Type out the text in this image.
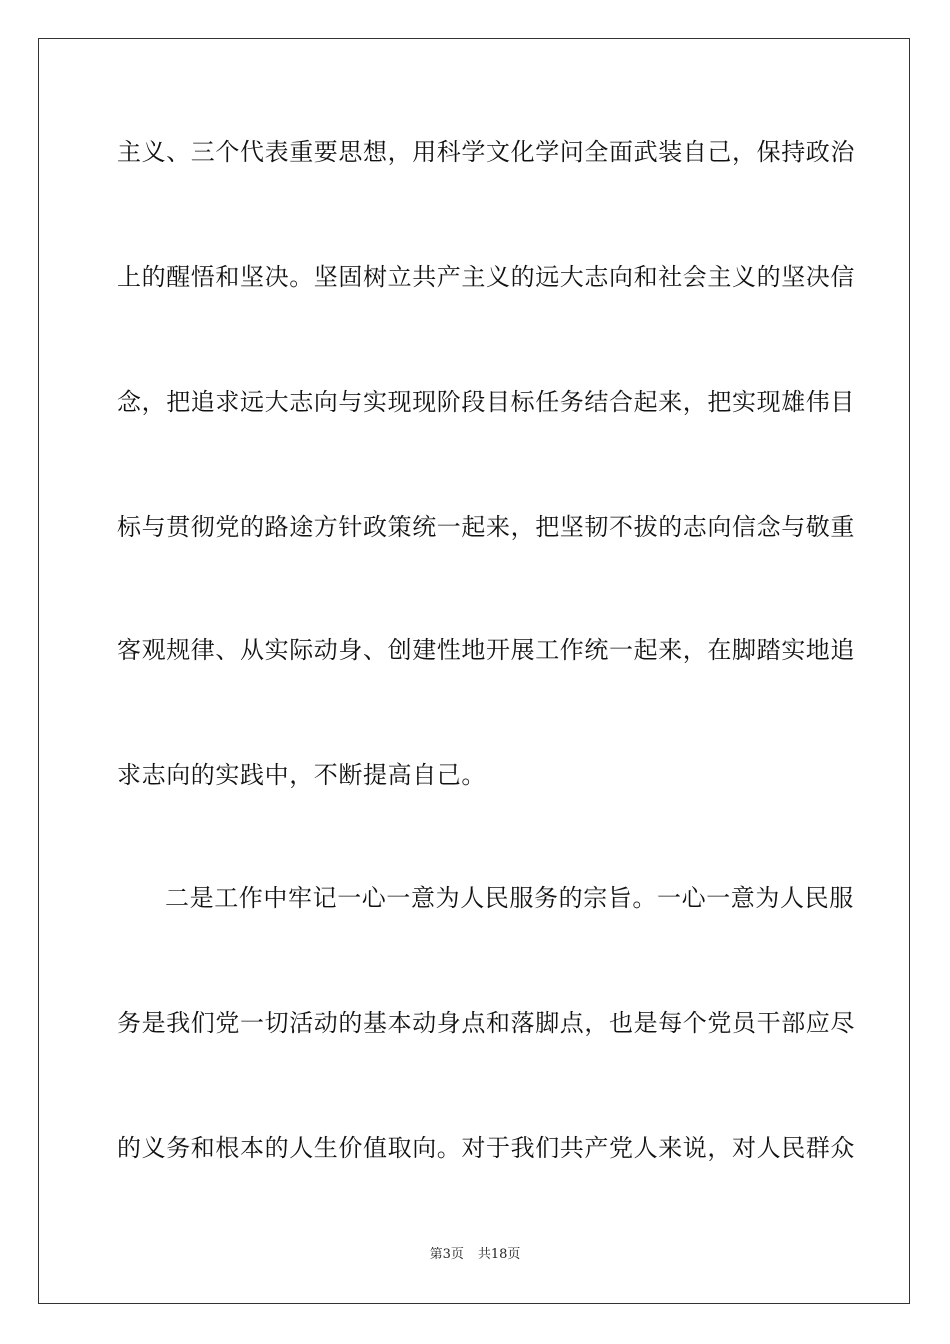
主义、三个代表重要思想，用科学文化学问全面武装自己，保持政治
上的醒悟和坚决。坚固树立共产主义的远大志向和社会主义的坚决信
念，把追求远大志向与实现现阶段目标任务结合起来，把实现雄伟目
标与贯彻党的路途方针政策统一起来，把坚韧不拔的志向信念与敬重
客观规律、从实际动身、创建性地开展工作统一起来，在脚踏实地追
求志向的实践中，不断提高自己。
二是工作中牢记一心一意为人民服务的宗旨。一心一意为人民服
务是我们党一切活动的基本动身点和落脚点，也是每个党员干部应尽
的义务和根本的人生价值取向。对于我们共产党人来说，对人民群众
第3页 共18页
